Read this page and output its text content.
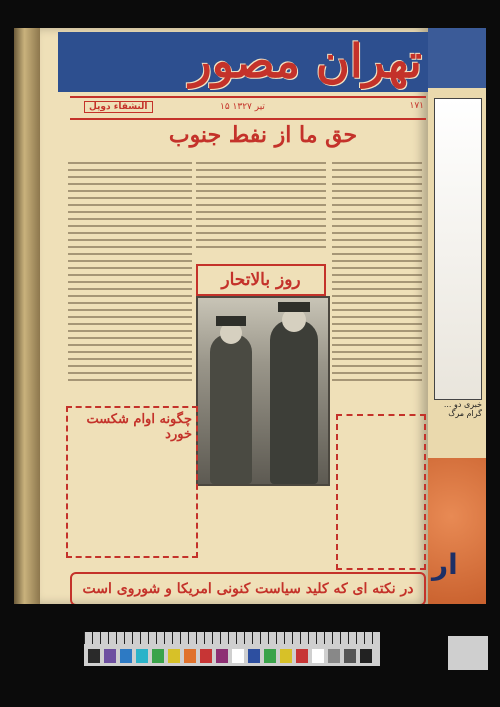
تهران مصور
۱۷۱
۱۵ تیر ۱۳۲۷
النشقاء دوپل
حق ما از نفط جنوب
روز بالاتحار
چگونه اوام شکست خورد
در نکته ای که کلید سیاست کنونی امریکا و شوروی است
خبری دو ... گرام مرگ
ار
